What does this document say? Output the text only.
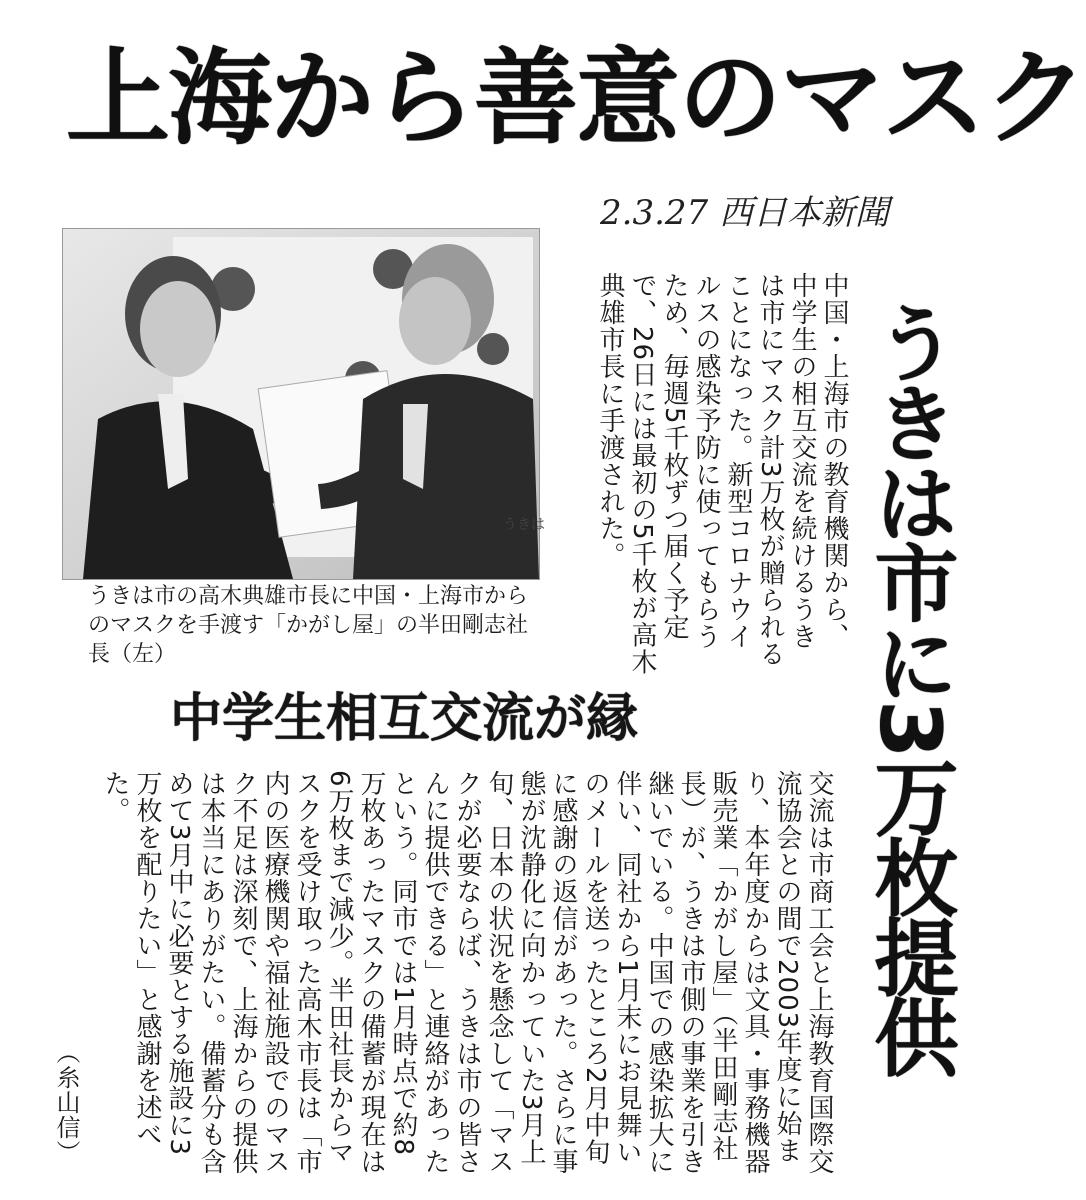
上海から善意のマスク
2.3.27 西日本新聞
うきは市に3万枚提供
中国・上海市の教育機関から、中学生の相互交流を続けるうきは市にマスク計3万枚が贈られることになった。新型コロナウイルスの感染予防に使ってもらうため、毎週5千枚ずつ届く予定で、26日には最初の5千枚が高木典雄市長に手渡された。
うきは
うきは市の高木典雄市長に中国・上海市からのマスクを手渡す「かがし屋」の半田剛志社長（左）
中学生相互交流が縁
交流は市商工会と上海教育国際交流協会との間で2003年度に始まり、本年度からは文具・事務機器販売業「かがし屋」（半田剛志社長）が、うきは市側の事業を引き継いでいる。中国での感染拡大に伴い、同社から1月末にお見舞いのメールを送ったところ2月中旬に感謝の返信があった。さらに事態が沈静化に向かっていた3月上旬、日本の状況を懸念して「マスクが必要ならば、うきは市の皆さんに提供できる」と連絡があったという。同市では1月時点で約8万枚あったマスクの備蓄が現在は6万枚まで減少。半田社長からマスクを受け取った高木市長は「市内の医療機関や福祉施設でのマスク不足は深刻で、上海からの提供は本当にありがたい。備蓄分も含めて3月中に必要とする施設に3万枚を配りたい」と感謝を述べた。
（糸山信）
